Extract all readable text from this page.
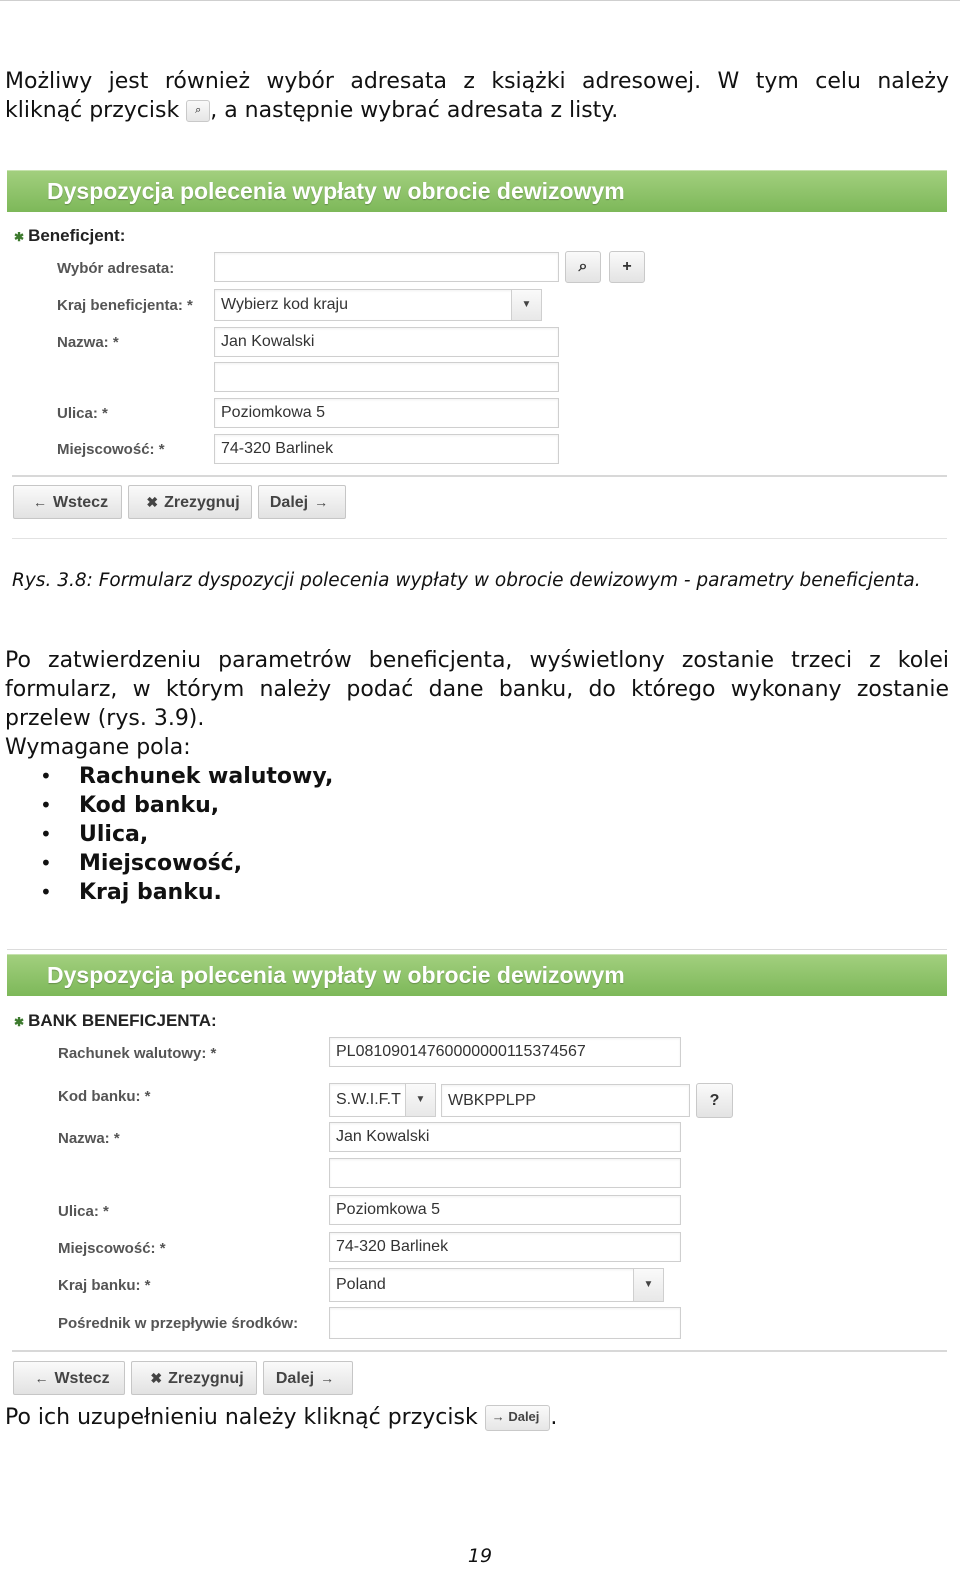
Możliwy jest również wybór adresata z książki adresowej. W tym celu należy
kliknąć przycisk ⌕ , a następnie wybrać adresata z listy.
Dyspozycja polecenia wypłaty w obrocie dewizowym
✱ Beneficjent:
Wybór adresata:	⌕	+
Kraj beneficjenta: *	Wybierz kod kraju	▼
Nazwa: *	Jan Kowalski
Ulica: *	Poziomkowa 5
Miejscowość: *	74-320 Barlinek
← Wstecz	✖ Zrezygnuj	Dalej →
Rys. 3.8: Formularz dyspozycji polecenia wypłaty w obrocie dewizowym - parametry beneficjenta.
Po zatwierdzeniu parametrów beneficjenta, wyświetlony zostanie trzeci z kolei
formularz, w którym należy podać dane banku, do którego wykonany zostanie
przelew (rys. 3.9).
Wymagane pola:
• Rachunek walutowy,
• Kod banku,
• Ulica,
• Miejscowość,
• Kraj banku.
Dyspozycja polecenia wypłaty w obrocie dewizowym
✱ BANK BENEFICJENTA:
Rachunek walutowy: *	PL08109014760000000115374567
Kod banku: *	S.W.I.F.T	▼	WBKPPLPP	?
Nazwa: *	Jan Kowalski
Ulica: *	Poziomkowa 5
Miejscowość: *	74-320 Barlinek
Kraj banku: *	Poland	▼
Pośrednik w przepływie środków:
← Wstecz	✖ Zrezygnuj	Dalej →
Po ich uzupełnieniu należy kliknąć przycisk → Dalej .
19
